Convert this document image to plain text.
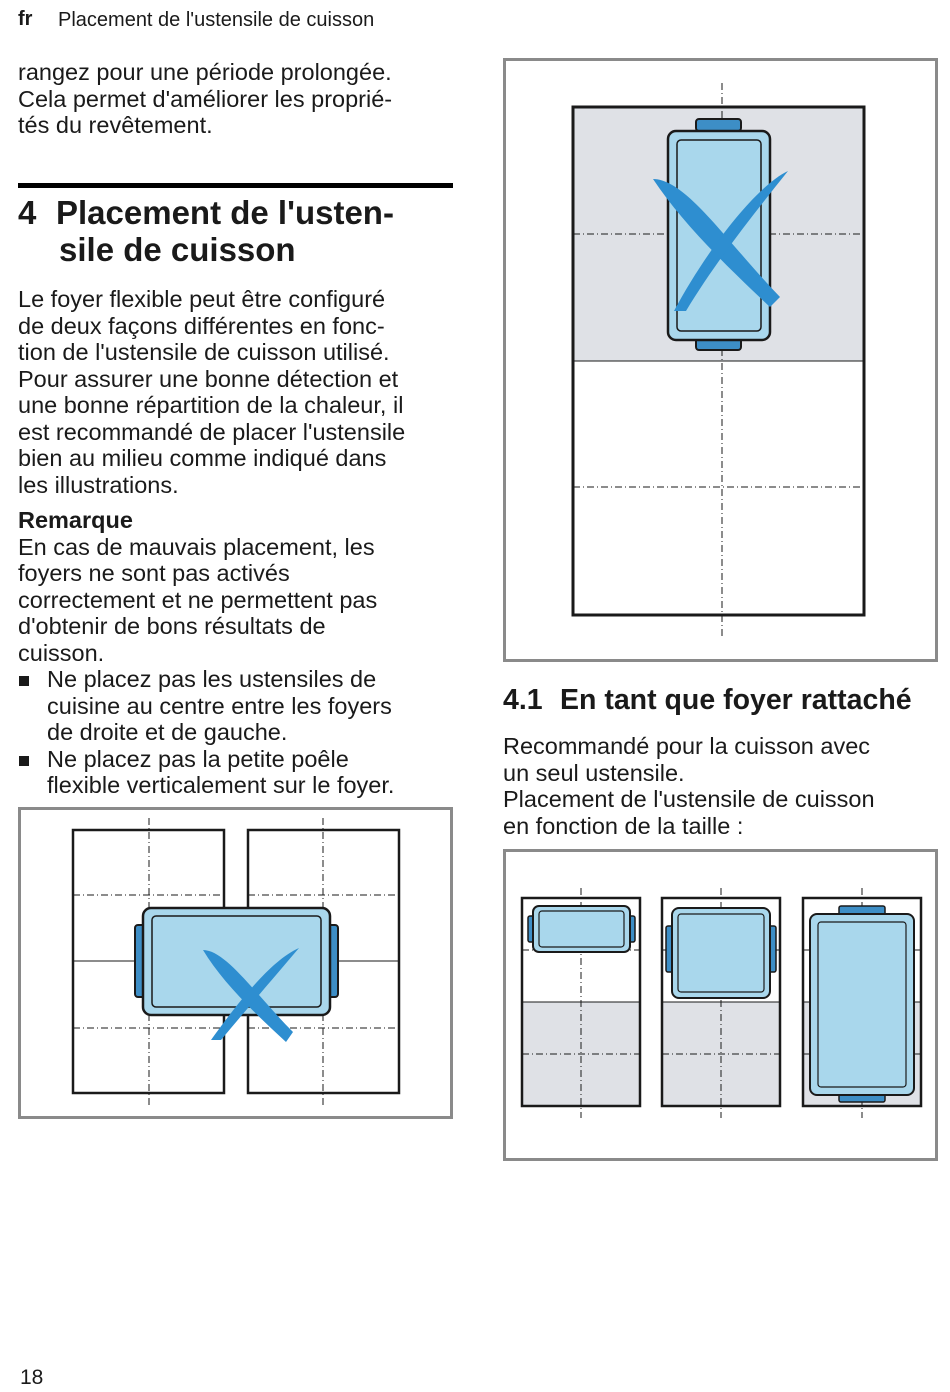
fr Placement de l'ustensile de cuisson

rangez pour une période prolongée.

Cela permet d'améliorer les proprié-

tés du revêtement.

4 Placement de l'usten-
sile de cuisson

Le foyer flexible peut être configuré

de deux façons différentes en fonc-

tion de l'ustensile de cuisson utilisé.

Pour assurer une bonne détection et

une bonne répartition de la chaleur, il

est recommandé de placer l'ustensile

bien au milieu comme indiqué dans

les illustrations.

Remarque

En cas de mauvais placement, les

foyers ne sont pas activés

correctement et ne permettent pas

d'obtenir de bons résultats de

cuisson.

Ne placez pas les ustensiles de
cuisine au centre entre les foyers
de droite et de gauche.
Ne placez pas la petite poêle
flexible verticalement sur le foyer.
4.1 En tant que foyer rattaché

Recommandé pour la cuisson avec

un seul ustensile.

Placement de l'ustensile de cuisson

en fonction de la taille :

18
